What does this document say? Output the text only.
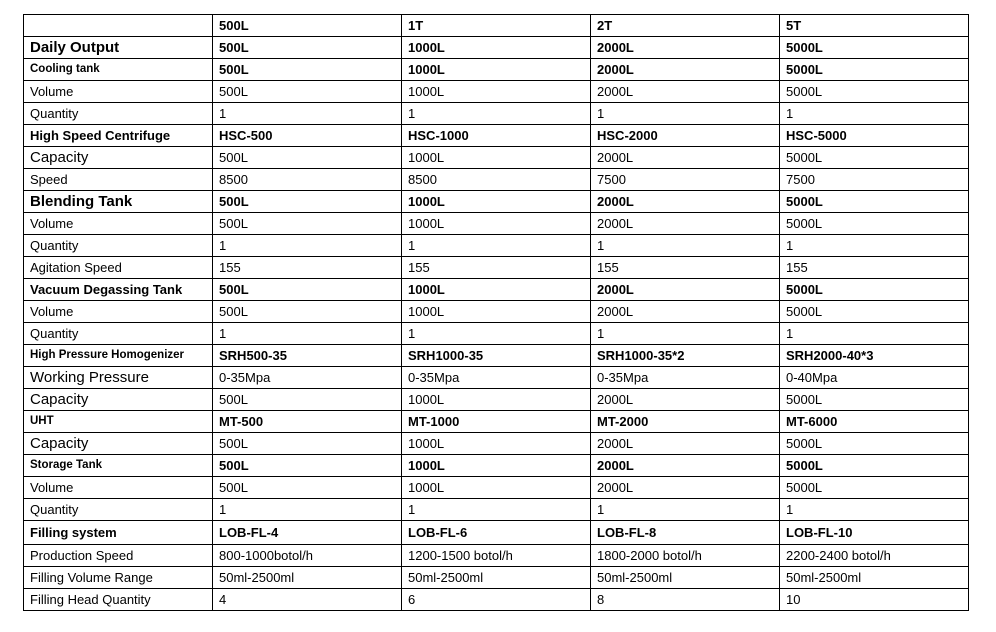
	500L	1T	2T	5T
Daily Output	500L	1000L	2000L	5000L
Cooling tank	500L	1000L	2000L	5000L
Volume	500L	1000L	2000L	5000L
Quantity	1	1	1	1
High Speed Centrifuge	HSC-500	HSC-1000	HSC-2000	HSC-5000
Capacity	500L	1000L	2000L	5000L
Speed	8500	8500	7500	7500
Blending Tank	500L	1000L	2000L	5000L
Volume	500L	1000L	2000L	5000L
Quantity	1	1	1	1
Agitation Speed	155	155	155	155
Vacuum Degassing Tank	500L	1000L	2000L	5000L
Volume	500L	1000L	2000L	5000L
Quantity	1	1	1	1
High Pressure Homogenizer	SRH500-35	SRH1000-35	SRH1000-35*2	SRH2000-40*3
Working Pressure	0-35Mpa	0-35Mpa	0-35Mpa	0-40Mpa
Capacity	500L	1000L	2000L	5000L
UHT	MT-500	MT-1000	MT-2000	MT-6000
Capacity	500L	1000L	2000L	5000L
Storage Tank	500L	1000L	2000L	5000L
Volume	500L	1000L	2000L	5000L
Quantity	1	1	1	1
Filling system	LOB-FL-4	LOB-FL-6	LOB-FL-8	LOB-FL-10
Production Speed	800-1000botol/h	1200-1500 botol/h	1800-2000 botol/h	2200-2400 botol/h
Filling Volume Range	50ml-2500ml	50ml-2500ml	50ml-2500ml	50ml-2500ml
Filling Head Quantity	4	6	8	10
